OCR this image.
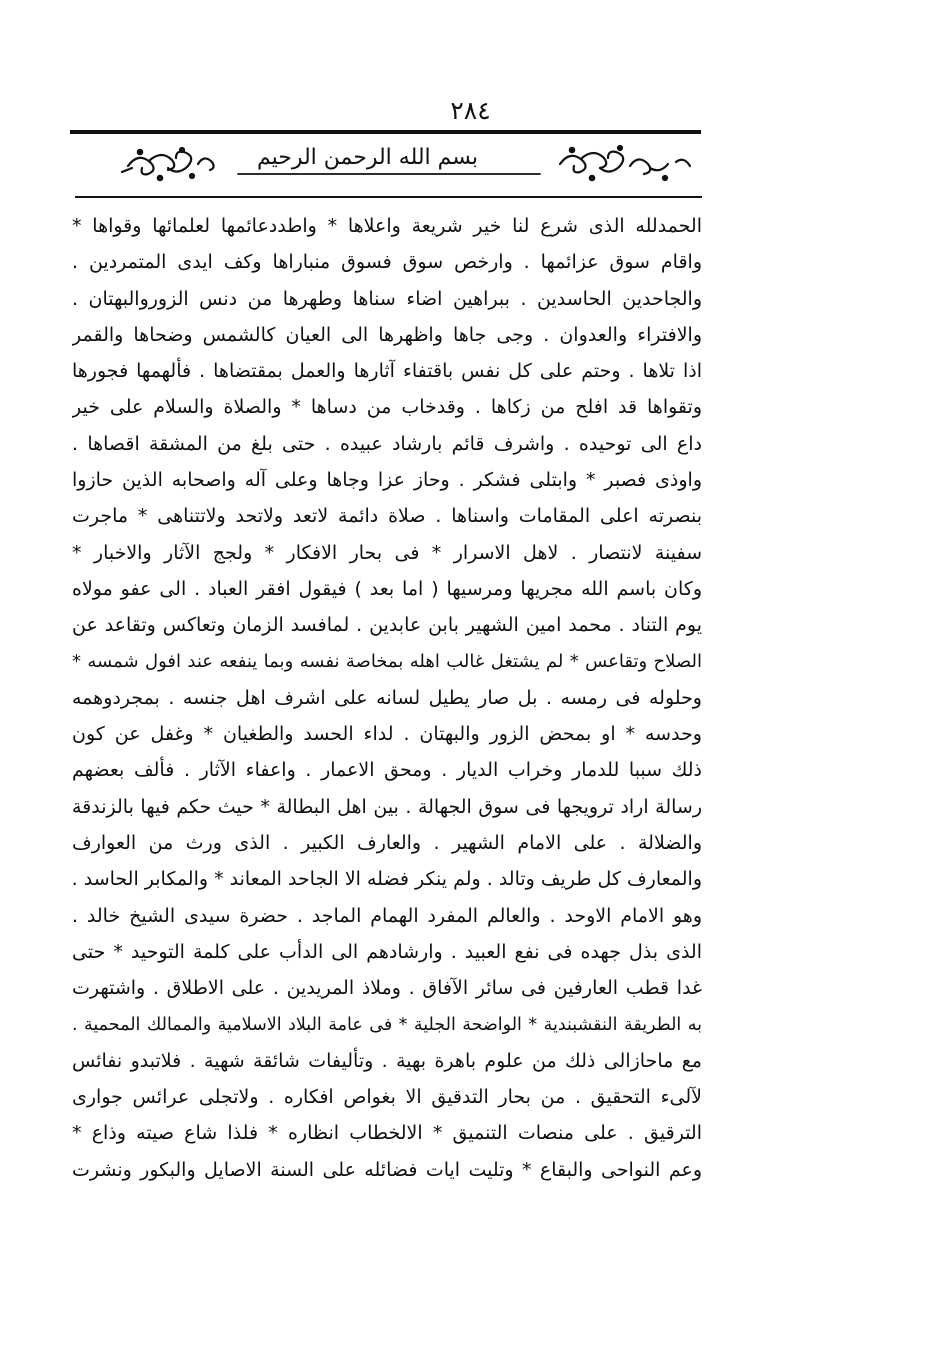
٢٨٤
بسم الله الرحمن الرحيم
الحمدلله الذى شرع لنا خير شريعة واعلاها * واطددعائمها لعلمائها وقواها *
واقام سوق عزائمها . وارخص سوق فسوق منباراها وكف ايدى المتمردين .
والجاحدين الحاسدين . ببراهين اضاء سناها وطهرها من دنس الزوروالبهتان .
والافتراء والعدوان . وجى جاها واظهرها الى العيان كالشمس وضحاها والقمر
اذا تلاها . وحتم على كل نفس باقتفاء آثارها والعمل بمقتضاها . فألهمها فجورها
وتقواها قد افلح من زكاها . وقدخاب من دساها * والصلاة والسلام على خير
داع الى توحيده . واشرف قائم بارشاد عبيده . حتى بلغ من المشقة اقصاها .
واوذى فصبر * وابتلى فشكر . وحاز عزا وجاها وعلى آله واصحابه الذين حازوا
بنصرته اعلى المقامات واسناها . صلاة دائمة لاتعد ولاتحد ولاتتناهى * ماجرت
سفينة لانتصار . لاهل الاسرار * فى بحار الافكار * ولجج الآثار والاخبار *
وكان باسم الله مجريها ومرسيها ( اما بعد ) فيقول افقر العباد . الى عفو مولاه
يوم التناد . محمد امين الشهير بابن عابدين . لمافسد الزمان وتعاكس وتقاعد عن
الصلاح وتقاعس * لم يشتغل غالب اهله بمخاصة نفسه وبما ينفعه عند افول شمسه *
وحلوله فى رمسه . بل صار يطيل لسانه على اشرف اهل جنسه . بمجردوهمه
وحدسه * او بمحض الزور والبهتان . لداء الحسد والطغيان * وغفل عن كون
ذلك سببا للدمار وخراب الديار . ومحق الاعمار . واعفاء الآثار . فألف بعضهم
رسالة اراد ترويجها فى سوق الجهالة . بين اهل البطالة * حيث حكم فيها بالزندقة
والضلالة . على الامام الشهير . والعارف الكبير . الذى ورث من العوارف
والمعارف كل طريف وتالد . ولم ينكر فضله الا الجاحد المعاند * والمكابر الحاسد .
وهو الامام الاوحد . والعالم المفرد الهمام الماجد . حضرة سيدى الشيخ خالد .
الذى بذل جهده فى نفع العبيد . وارشادهم الى الدأب على كلمة التوحيد * حتى
غدا قطب العارفين فى سائر الآفاق . وملاذ المريدين . على الاطلاق . واشتهرت
به الطريقة النقشبندية * الواضحة الجلية * فى عامة البلاد الاسلامية والممالك المحمية .
مع ماحازالى ذلك من علوم باهرة بهية . وتأليفات شائقة شهية . فلاتبدو نفائس
لآلىء التحقيق . من بحار التدقيق الا بغواص افكاره . ولاتجلى عرائس جوارى
الترقيق . على منصات التنميق * الالخطاب انظاره * فلذا شاع صيته وذاع *
وعم النواحى والبقاع * وتليت ايات فضائله على السنة الاصايل والبكور ونشرت
